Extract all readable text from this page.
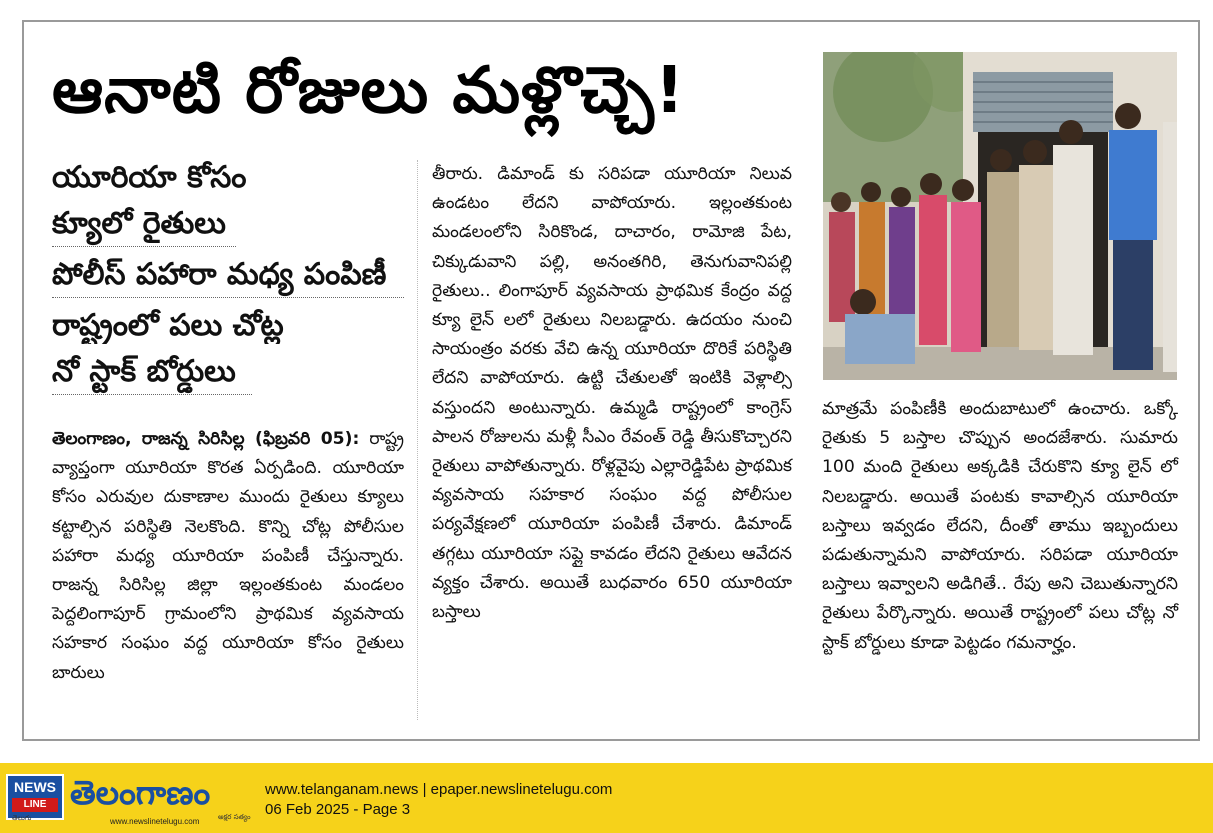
ఆనాటి రోజులు మళ్లొచ్చె!
యూరియా కోసం
క్యూలో రైతులు
పోలీస్ పహారా మధ్య పంపిణీ
రాష్ట్రంలో పలు చోట్ల
నో స్టాక్ బోర్డులు
తెలంగాణం, రాజన్న సిరిసిల్ల (ఫిబ్రవరి 05): రాష్ట్ర వ్యాప్తంగా యూరియా కొరత ఏర్పడింది. యూరియా కోసం ఎరువుల దుకాణాల ముందు రైతులు క్యూలు కట్టాల్సిన పరిస్థితి నెలకొంది. కొన్ని చోట్ల పోలీసుల పహారా మధ్య యూరియా పంపిణీ చేస్తున్నారు. రాజన్న సిరిసిల్ల జిల్లా ఇల్లంతకుంట మండలం పెద్దలింగాపూర్ గ్రామంలోని ప్రాథమిక వ్యవసాయ సహకార సంఘం వద్ద యూరియా కోసం రైతులు బారులు
తీరారు. డిమాండ్ కు సరిపడా యూరియా నిలువ ఉండటం లేదని వాపోయారు. ఇల్లంతకుంట మండలంలోని సిరికొండ, దాచారం, రామోజి పేట, చిక్కుడువాని పల్లి, అనంతగిరి, తెనుగువానిపల్లి రైతులు.. లింగాపూర్ వ్యవసాయ ప్రాథమిక కేంద్రం వద్ద క్యూ లైన్ లలో రైతులు నిలబడ్డారు. ఉదయం నుంచి సాయంత్రం వరకు వేచి ఉన్న యూరియా దొరికే పరిస్థితి లేదని వాపోయారు. ఉట్టి చేతులతో ఇంటికి వెళ్లాల్సి వస్తుందని అంటున్నారు. ఉమ్మడి రాష్ట్రంలో కాంగ్రెస్ పాలన రోజులను మళ్లీ సీఎం రేవంత్ రెడ్డి తీసుకొచ్చారని రైతులు వాపోతున్నారు. రోళ్లవైపు ఎల్లారెడ్డిపేట ప్రాథమిక వ్యవసాయ సహకార సంఘం వద్ద పోలీసుల పర్యవేక్షణలో యూరియా పంపిణీ చేశారు. డిమాండ్ తగ్గటు యూరియా సప్లై కావడం లేదని రైతులు ఆవేదన వ్యక్తం చేశారు. అయితే బుధవారం 650 యూరియా బస్తాలు
మాత్రమే పంపిణీకి అందుబాటులో ఉంచారు. ఒక్కో రైతుకు 5 బస్తాల చొప్పున అందజేశారు. సుమారు 100 మంది రైతులు అక్కడికి చేరుకొని క్యూ లైన్ లో నిలబడ్డారు. అయితే పంటకు కావాల్సిన యూరియా బస్తాలు ఇవ్వడం లేదని, దీంతో తాము ఇబ్బందులు పడుతున్నామని వాపోయారు. సరిపడా యూరియా బస్తాలు ఇవ్వాలని అడిగితే.. రేపు అని చెబుతున్నారని రైతులు పేర్కొన్నారు. అయితే రాష్ట్రంలో పలు చోట్ల నో స్టాక్ బోర్డులు కూడా పెట్టడం గమనార్హం.
NEWS
LINE
తెలుగు
తెలంగాణం
www.newslinetelugu.com	అక్షర సత్యం
www.telanganam.news | epaper.newslinetelugu.com
06 Feb 2025 - Page 3
